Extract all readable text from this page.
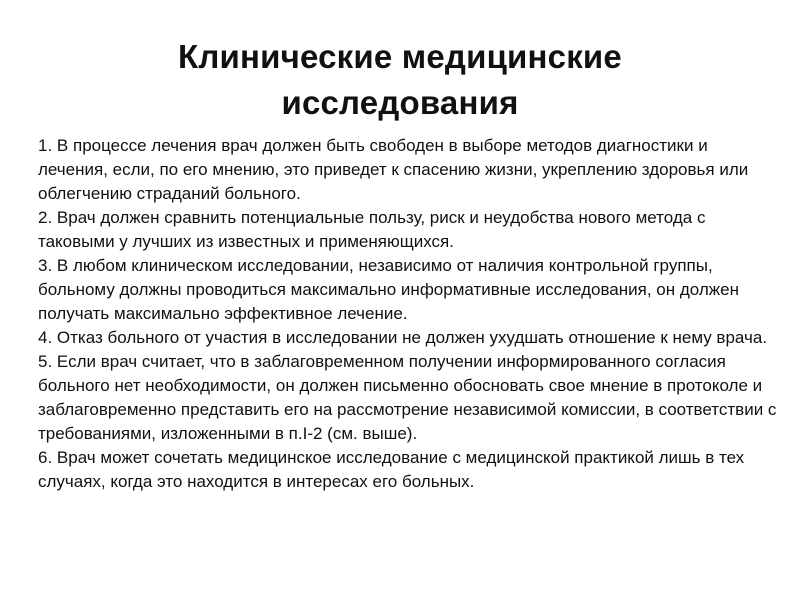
Клинические медицинские
исследования
1. В процессе лечения врач должен быть свободен в выборе методов диагностики и лечения, если, по его мнению, это приведет к спасению жизни, укреплению здоровья или облегчению страданий больного.
2. Врач должен сравнить потенциальные пользу, риск и неудобства нового метода с таковыми у лучших из известных и применяющихся.
3. В любом клиническом исследовании, независимо от наличия контрольной группы, больному должны проводиться максимально информативные исследования, он должен получать максимально эффективное лечение.
4. Отказ больного от участия в исследовании не должен ухудшать отношение к нему врача.
5. Если врач считает, что в заблаговременном получении информированного согласия больного нет необходимости, он должен письменно обосновать свое мнение в протоколе и заблаговременно представить его на рассмотрение независимой комиссии, в соответствии с требованиями, изложенными в п.I-2 (см. выше).
6. Врач может сочетать медицинское исследование с медицинской практикой лишь в тех случаях, когда это находится в интересах его больных.
